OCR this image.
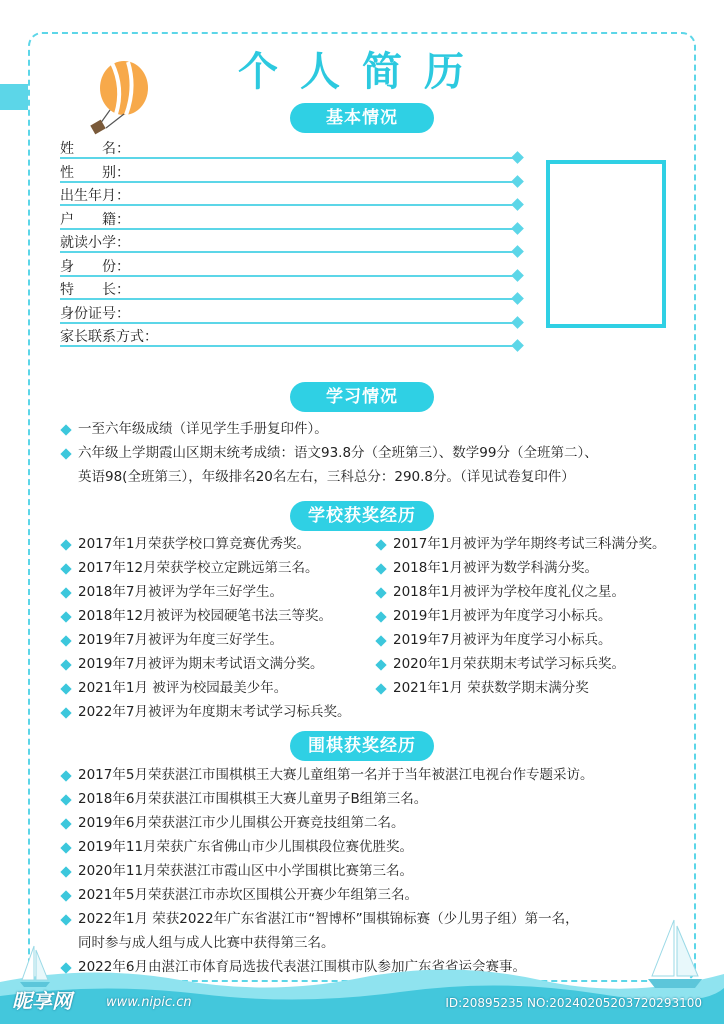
个人简历
基本情况
姓　　名：
性　　别：
出生年月：
户　　籍：
就读小学：
身　　份：
特　　长：
身份证号：
家长联系方式：
学习情况
一至六年级成绩（详见学生手册复印件）。
六年级上学期霞山区期末统考成绩：语文93.8分（全班第三）、数学99分（全班第二）、
英语98(全班第三），年级排名20名左右，三科总分：290.8分。（详见试卷复印件）
学校获奖经历
2017年1月荣获学校口算竞赛优秀奖。
2017年12月荣获学校立定跳远第三名。
2018年7月被评为学年三好学生。
2018年12月被评为校园硬笔书法三等奖。
2019年7月被评为年度三好学生。
2019年7月被评为期末考试语文满分奖。
2021年1月 被评为校园最美少年。
2022年7月被评为年度期末考试学习标兵奖。
2017年1月被评为学年期终考试三科满分奖。
2018年1月被评为数学科满分奖。
2018年1月被评为学校年度礼仪之星。
2019年1月被评为年度学习小标兵。
2019年7月被评为年度学习小标兵。
2020年1月荣获期末考试学习标兵奖。
2021年1月 荣获数学期末满分奖
围棋获奖经历
2017年5月荣获湛江市围棋棋王大赛儿童组第一名并于当年被湛江电视台作专题采访。
2018年6月荣获湛江市围棋棋王大赛儿童男子B组第三名。
2019年6月荣获湛江市少儿围棋公开赛竞技组第二名。
2019年11月荣获广东省佛山市少儿围棋段位赛优胜奖。
2020年11月荣获湛江市霞山区中小学围棋比赛第三名。
2021年5月荣获湛江市赤坎区围棋公开赛少年组第三名。
2022年1月 荣获2022年广东省湛江市“智博杯”围棋锦标赛（少儿男子组）第一名，
同时参与成人组与成人比赛中获得第三名。
2022年6月由湛江市体育局选拔代表湛江围棋市队参加广东省省运会赛事。
昵享网	www.nipic.cn	ID:20895235 NO:20240205203720293100
